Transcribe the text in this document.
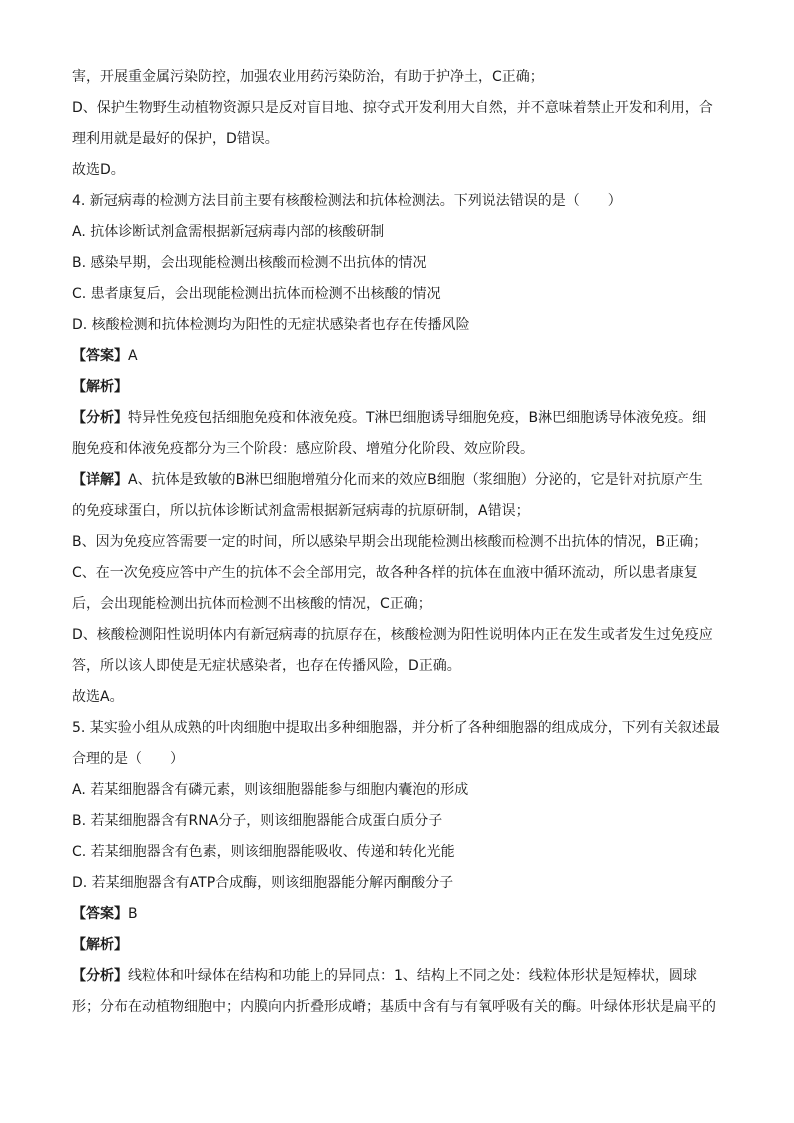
害，开展重金属污染防控，加强农业用药污染防治，有助于护净土，C正确；

D、保护生物野生动植物资源只是反对盲目地、掠夺式开发利用大自然，并不意味着禁止开发和利用，合

理利用就是最好的保护，D错误。

故选D。

4. 新冠病毒的检测方法目前主要有核酸检测法和抗体检测法。下列说法错误的是（　　）

A. 抗体诊断试剂盒需根据新冠病毒内部的核酸研制

B. 感染早期，会出现能检测出核酸而检测不出抗体的情况

C. 患者康复后，会出现能检测出抗体而检测不出核酸的情况

D. 核酸检测和抗体检测均为阳性的无症状感染者也存在传播风险

【答案】A

【解析】

【分析】特异性免疫包括细胞免疫和体液免疫。T淋巴细胞诱导细胞免疫，B淋巴细胞诱导体液免疫。细

胞免疫和体液免疫都分为三个阶段：感应阶段、增殖分化阶段、效应阶段。

【详解】A、抗体是致敏的B淋巴细胞增殖分化而来的效应B细胞（浆细胞）分泌的，它是针对抗原产生

的免疫球蛋白，所以抗体诊断试剂盒需根据新冠病毒的抗原研制，A错误；

B、因为免疫应答需要一定的时间，所以感染早期会出现能检测出核酸而检测不出抗体的情况，B正确；

C、在一次免疫应答中产生的抗体不会全部用完，故各种各样的抗体在血液中循环流动，所以患者康复

后，会出现能检测出抗体而检测不出核酸的情况，C正确；

D、核酸检测阳性说明体内有新冠病毒的抗原存在，核酸检测为阳性说明体内正在发生或者发生过免疫应

答，所以该人即使是无症状感染者，也存在传播风险，D正确。

故选A。

5. 某实验小组从成熟的叶肉细胞中提取出多种细胞器，并分析了各种细胞器的组成成分，下列有关叙述最

合理的是（　　）

A. 若某细胞器含有磷元素，则该细胞器能参与细胞内囊泡的形成

B. 若某细胞器含有RNA分子，则该细胞器能合成蛋白质分子

C. 若某细胞器含有色素，则该细胞器能吸收、传递和转化光能

D. 若某细胞器含有ATP合成酶，则该细胞器能分解丙酮酸分子

【答案】B

【解析】

【分析】线粒体和叶绿体在结构和功能上的异同点：1、结构上不同之处：线粒体形状是短棒状，圆球

形；分布在动植物细胞中；内膜向内折叠形成嵴；基质中含有与有氧呼吸有关的酶。叶绿体形状是扁平的
